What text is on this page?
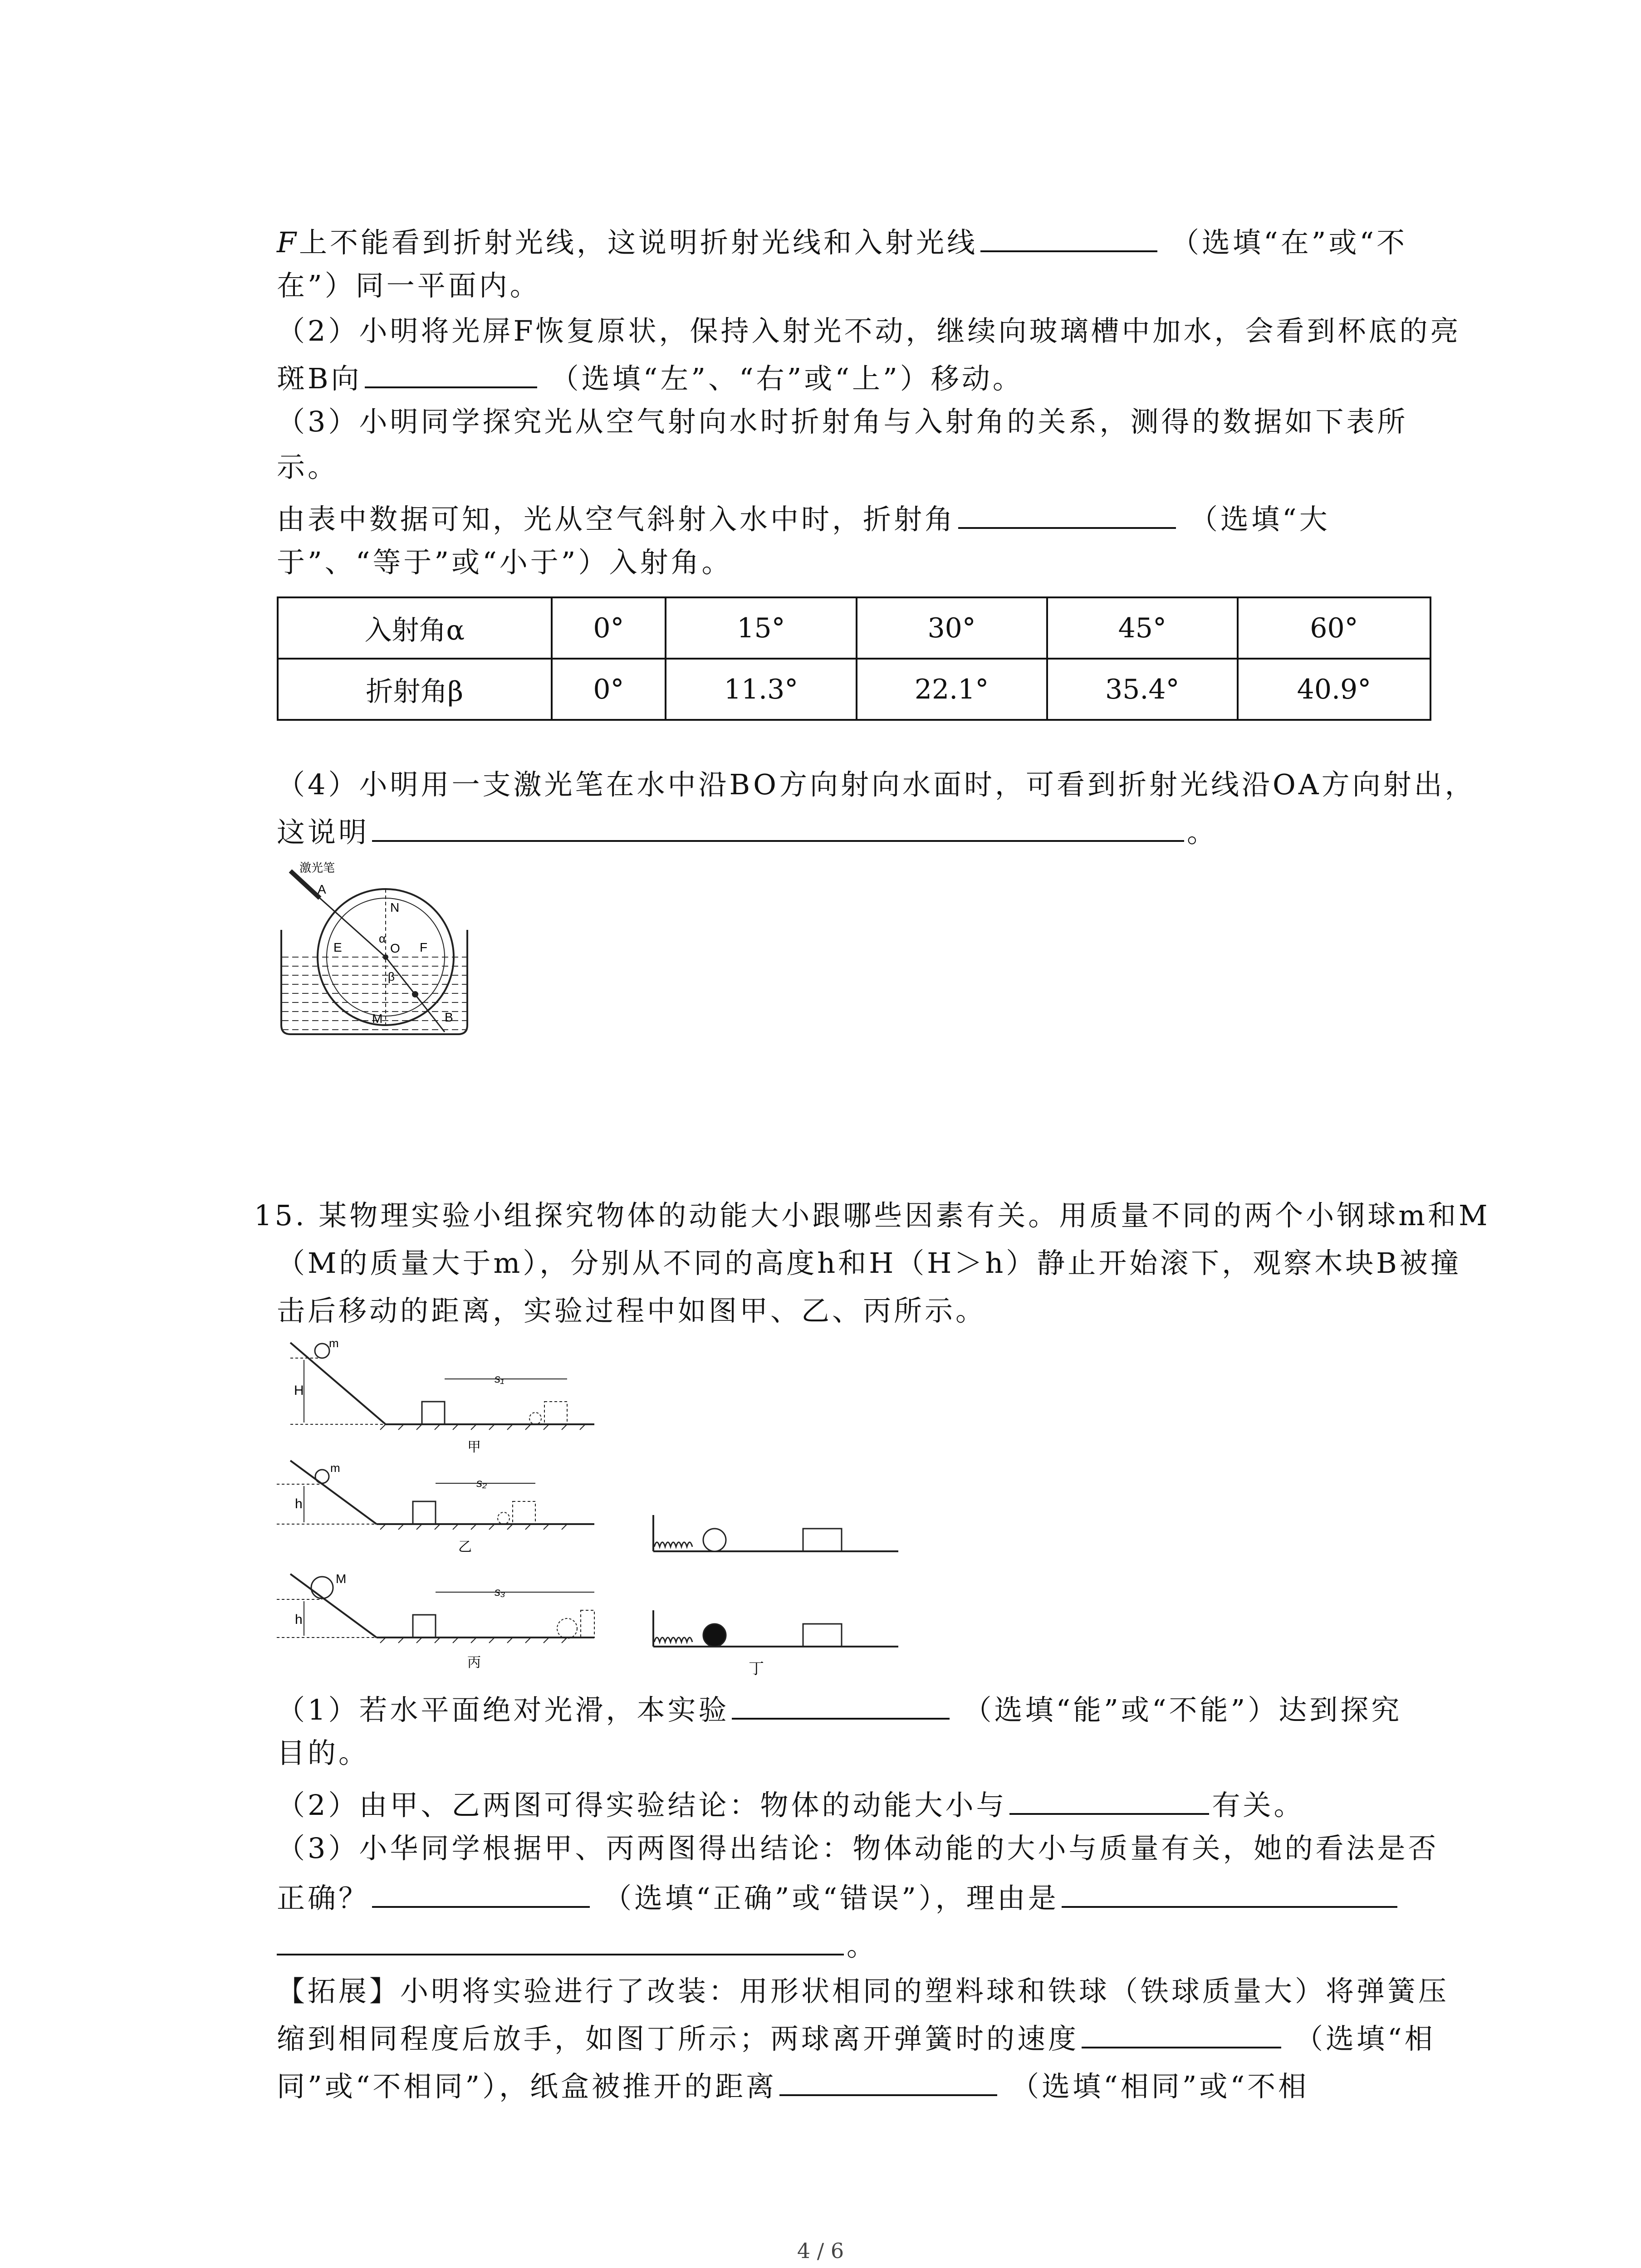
F上不能看到折射光线，这说明折射光线和入射光线	（选填“在”或“不
在”）同一平面内。
（2）小明将光屏F恢复原状，保持入射光不动，继续向玻璃槽中加水，会看到杯底的亮
斑B向	（选填“左”、“右”或“上”）移动。
（3）小明同学探究光从空气射向水时折射角与入射角的关系，测得的数据如下表所
示。
由表中数据可知，光从空气斜射入水中时，折射角	（选填“大
于”、“等于”或“小于”）入射角。
入射角α	0°	15°	30°	45°	60°
折射角β	0°	11.3°	22.1°	35.4°	40.9°
（4）小明用一支激光笔在水中沿BO方向射向水面时，可看到折射光线沿OA方向射出，
这说明	。
激光笔
A
N
α
O
E	F
β
M	B
15. 某物理实验小组探究物体的动能大小跟哪些因素有关。用质量不同的两个小钢球m和M
（M的质量大于m），分别从不同的高度h和H（H＞h）静止开始滚下，观察木块B被撞
击后移动的距离，实验过程中如图甲、乙、丙所示。
m
H
s₁
甲
m
h
s₂
乙
M
h
s₃
丙	丁
（1）若水平面绝对光滑，本实验	（选填“能”或“不能”）达到探究
目的。
（2）由甲、乙两图可得实验结论：物体的动能大小与	有关。
（3）小华同学根据甲、丙两图得出结论：物体动能的大小与质量有关，她的看法是否
正确？	（选填“正确”或“错误”），理由是
。
【拓展】小明将实验进行了改装：用形状相同的塑料球和铁球（铁球质量大）将弹簧压
缩到相同程度后放手，如图丁所示；两球离开弹簧时的速度	（选填“相
同”或“不相同”），纸盒被推开的距离	（选填“相同”或“不相
4 / 6
